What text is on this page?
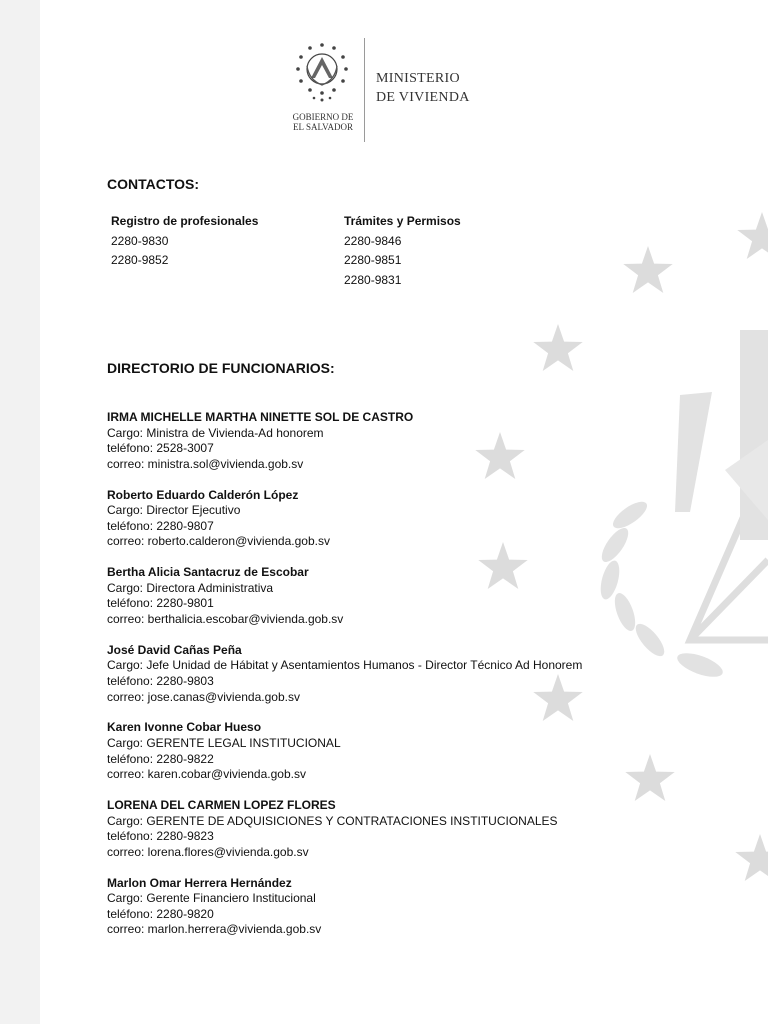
GOBIERNO DE
EL SALVADOR
MINISTERIO
DE VIVIENDA
CONTACTOS:
Registro de profesionales
2280-9830
2280-9852
Trámites y Permisos
2280-9846
2280-9851
2280-9831
DIRECTORIO DE FUNCIONARIOS:
IRMA MICHELLE MARTHA NINETTE SOL DE CASTRO
Cargo: Ministra de Vivienda-Ad honorem
teléfono: 2528-3007
correo: ministra.sol@vivienda.gob.sv
Roberto Eduardo Calderón López
Cargo: Director Ejecutivo
teléfono: 2280-9807
correo: roberto.calderon@vivienda.gob.sv
Bertha Alicia Santacruz de Escobar
Cargo: Directora Administrativa
teléfono: 2280-9801
correo: berthalicia.escobar@vivienda.gob.sv
José David Cañas Peña
Cargo: Jefe Unidad de Hábitat y Asentamientos Humanos - Director Técnico Ad Honorem
teléfono: 2280-9803
correo: jose.canas@vivienda.gob.sv
Karen Ivonne Cobar Hueso
Cargo: GERENTE LEGAL INSTITUCIONAL
teléfono: 2280-9822
correo: karen.cobar@vivienda.gob.sv
LORENA DEL CARMEN LOPEZ FLORES
Cargo: GERENTE DE ADQUISICIONES Y CONTRATACIONES INSTITUCIONALES
teléfono: 2280-9823
correo: lorena.flores@vivienda.gob.sv
Marlon Omar Herrera Hernández
Cargo: Gerente Financiero Institucional
teléfono: 2280-9820
correo: marlon.herrera@vivienda.gob.sv
